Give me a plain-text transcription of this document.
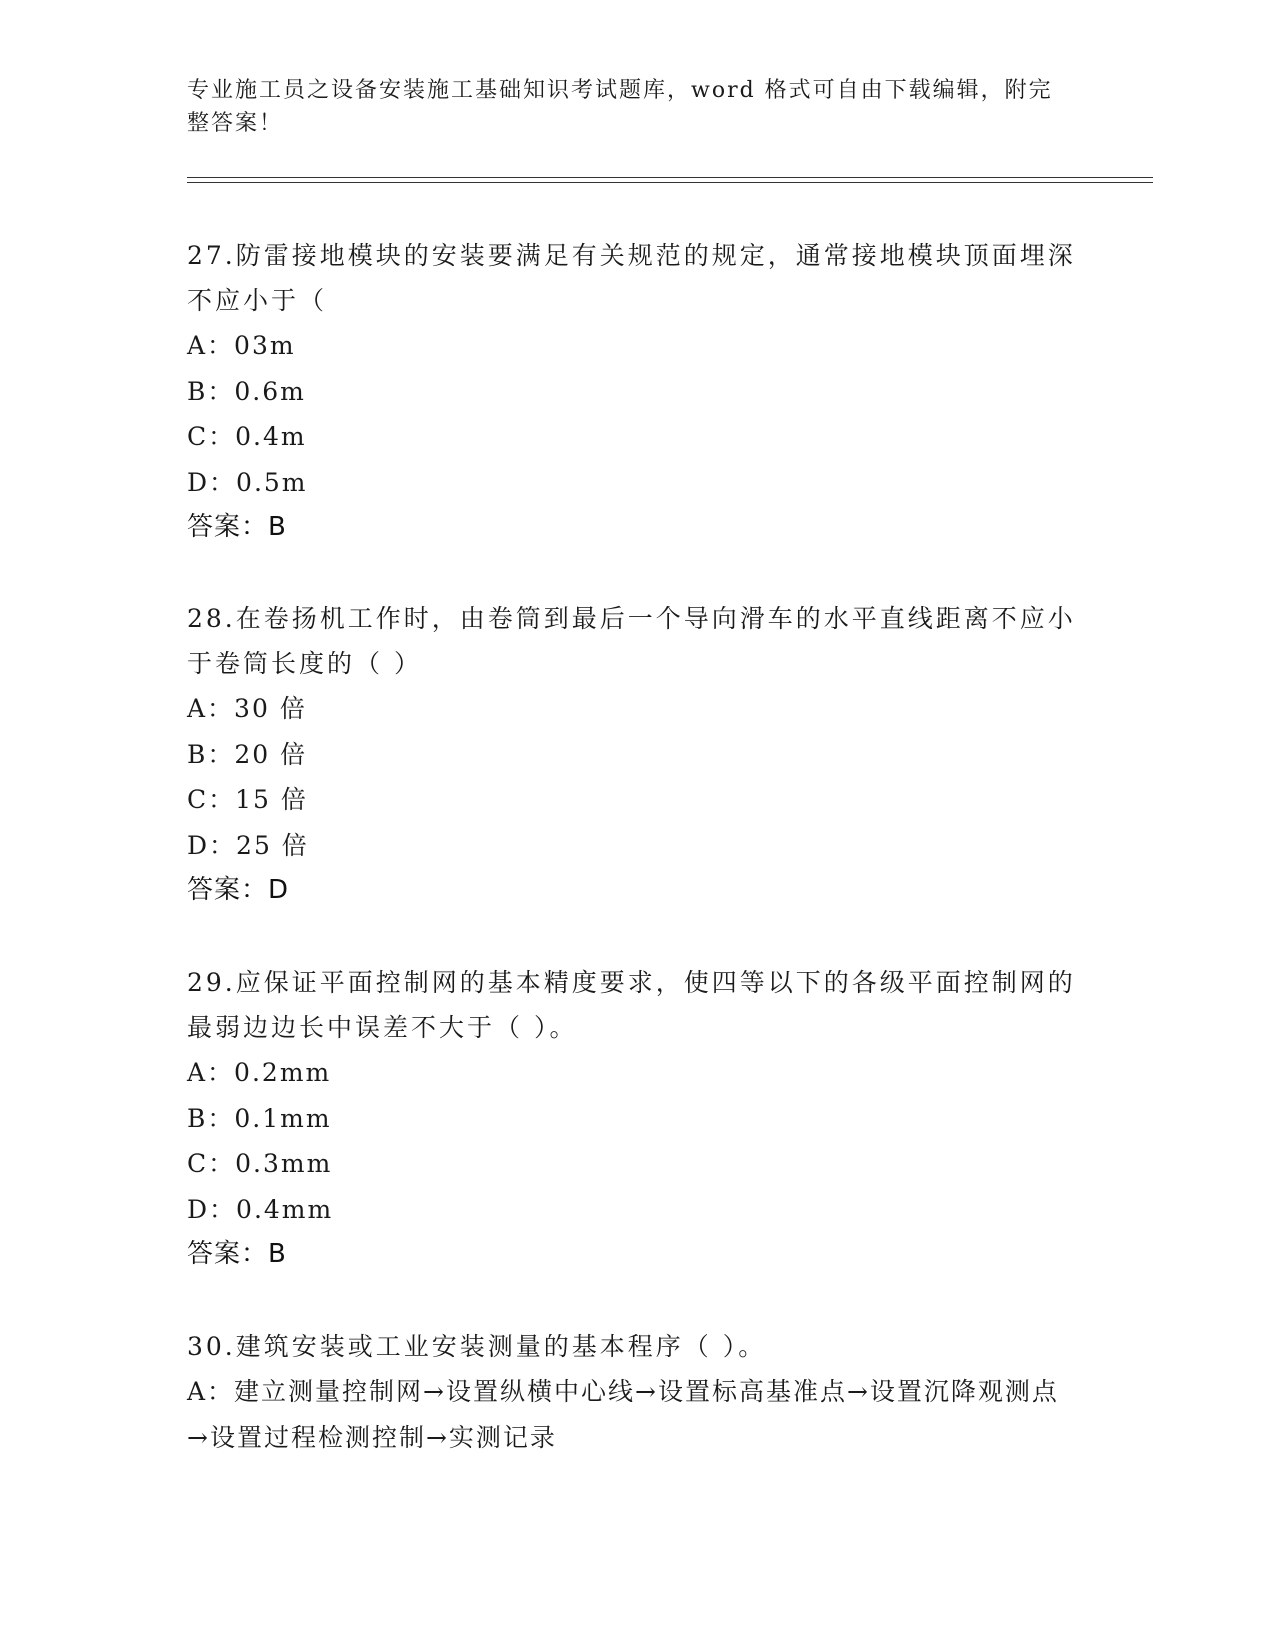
专业施工员之设备安装施工基础知识考试题库，word 格式可自由下载编辑，附完整答案！

27.防雷接地模块的安装要满足有关规范的规定，通常接地模块顶面埋深不应小于（

A：03m

B：0.6m

C：0.4m

D：0.5m

答案：B

28.在卷扬机工作时，由卷筒到最后一个导向滑车的水平直线距离不应小于卷筒长度的（ ）

A：30 倍

B：20 倍

C：15 倍

D：25 倍

答案：D

29.应保证平面控制网的基本精度要求，使四等以下的各级平面控制网的最弱边边长中误差不大于（ ）。

A：0.2mm

B：0.1mm

C：0.3mm

D：0.4mm

答案：B

30.建筑安装或工业安装测量的基本程序（ ）。

A：建立测量控制网→设置纵横中心线→设置标高基准点→设置沉降观测点→设置过程检测控制→实测记录
